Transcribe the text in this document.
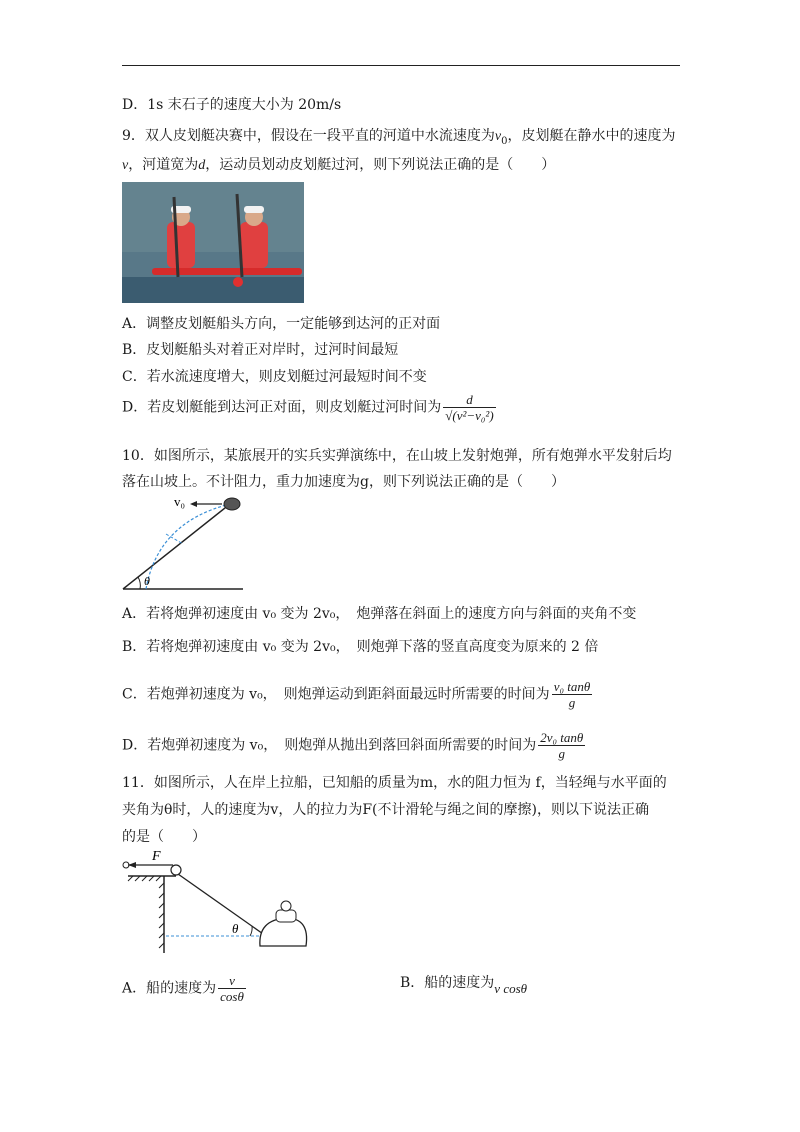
D．1s 末石子的速度大小为 20m/s
9．双人皮划艇决赛中，假设在一段平直的河道中水流速度为$v_0$，皮划艇在静水中的速度为
v，河道宽为d，运动员划动皮划艇过河，则下列说法正确的是（　　）
A．调整皮划艇船头方向，一定能够到达河的正对面
B．皮划艇船头对着正对岸时，过河时间最短
C．若水流速度增大，则皮划艇过河最短时间不变
D．若皮划艇能到达河正对面，则皮划艇过河时间为 $\frac{d}{\text{√(v²−v₀²)}}$
10．如图所示，某旅展开的实兵实弹演练中，在山坡上发射炮弹，所有炮弹水平发射后均
落在山坡上。不计阻力，重力加速度为g，则下列说法正确的是（　　）
v₀
θ
A．若将炮弹初速度由 v₀ 变为 2v₀，　炮弹落在斜面上的速度方向与斜面的夹角不变
B．若将炮弹初速度由 v₀ 变为 2v₀，　则炮弹下落的竖直高度变为原来的 2 倍
C．若炮弹初速度为 v₀，　则炮弹运动到距斜面最远时所需要的时间为 $\frac{\text{v₀ tanθ}}{g}$
D．若炮弹初速度为 v₀，　则炮弹从抛出到落回斜面所需要的时间为 $\frac{\text{2v₀ tanθ}}{g}$
11．如图所示，人在岸上拉船，已知船的质量为m，水的阻力恒为 f，当轻绳与水平面的
夹角为θ时，人的速度为v，人的拉力为F(不计滑轮与绳之间的摩擦)，则以下说法正确
的是（　　）
F
θ
A．船的速度为 $\frac{v}{\cos\theta}$	B．船的速度为v cosθ
